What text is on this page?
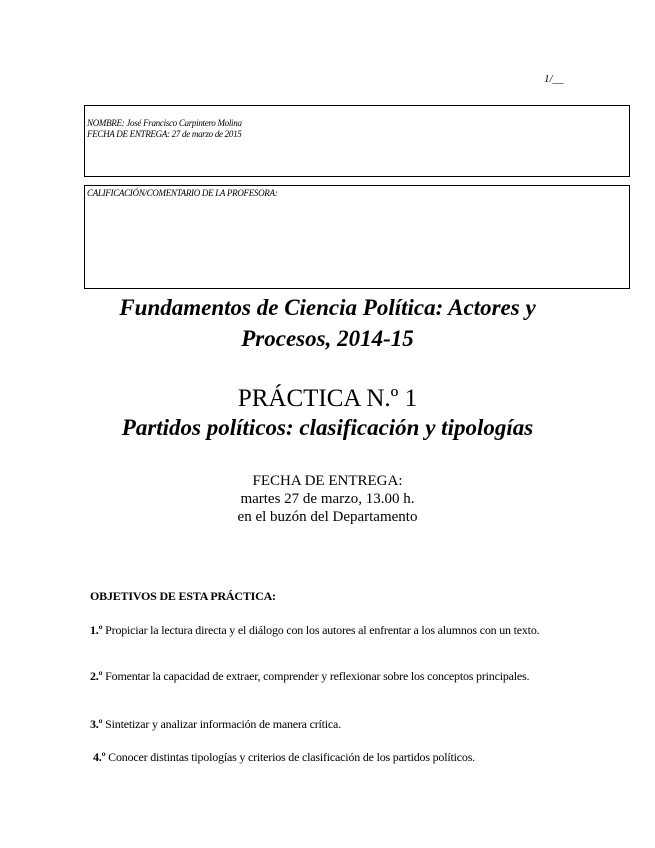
1/__
NOMBRE: José Francisco Carpintero Molina
FECHA DE ENTREGA: 27 de marzo de 2015
CALIFICACIÓN/COMENTARIO DE LA PROFESORA:
Fundamentos de Ciencia Política: Actores y
Procesos, 2014-15
PRÁCTICA N.º 1
Partidos políticos: clasificación y tipologías
FECHA DE ENTREGA:
martes 27 de marzo, 13.00 h.
en el buzón del Departamento
OBJETIVOS DE ESTA PRÁCTICA:
1.º Propiciar la lectura directa y el diálogo con los autores al enfrentar a los alumnos con un texto.
2.º Fomentar la capacidad de extraer, comprender y reflexionar sobre los conceptos principales.
3.º Sintetizar y analizar información de manera crítica.
4.º Conocer distintas tipologías y criterios de clasificación de los partidos políticos.
